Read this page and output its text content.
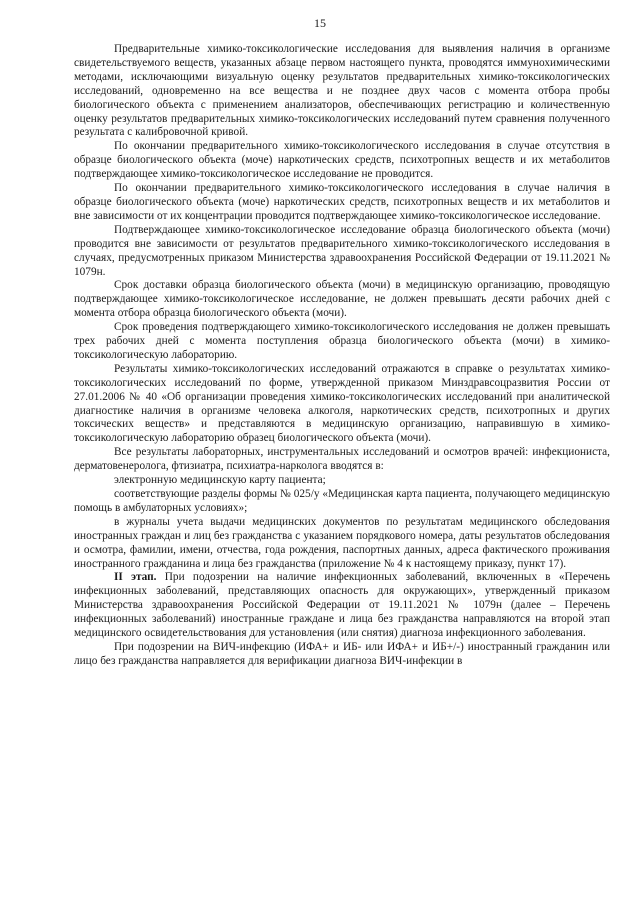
15

Предварительные химико-токсикологические исследования для выявления наличия в организме свидетельствуемого веществ, указанных абзаце первом настоящего пункта, проводятся иммунохимическими методами, исключающими визуальную оценку результатов предварительных химико-токсикологических исследований, одновременно на все вещества и не позднее двух часов с момента отбора пробы биологического объекта с применением анализаторов, обеспечивающих регистрацию и количественную оценку результатов предварительных химико-токсикологических исследований путем сравнения полученного результата с калибровочной кривой.

По окончании предварительного химико-токсикологического исследования в случае отсутствия в образце биологического объекта (моче) наркотических средств, психотропных веществ и их метаболитов подтверждающее химико-токсикологическое исследование не проводится.

По окончании предварительного химико-токсикологического исследования в случае наличия в образце биологического объекта (моче) наркотических средств, психотропных веществ и их метаболитов и вне зависимости от их концентрации проводится подтверждающее химико-токсикологическое исследование.

Подтверждающее химико-токсикологическое исследование образца биологического объекта (мочи) проводится вне зависимости от результатов предварительного химико-токсикологического исследования в случаях, предусмотренных приказом Министерства здравоохранения Российской Федерации от 19.11.2021 № 1079н.

Срок доставки образца биологического объекта (мочи) в медицинскую организацию, проводящую подтверждающее химико-токсикологическое исследование, не должен превышать десяти рабочих дней с момента отбора образца биологического объекта (мочи).

Срок проведения подтверждающего химико-токсикологического исследования не должен превышать трех рабочих дней с момента поступления образца биологического объекта (мочи) в химико-токсикологическую лабораторию.

Результаты химико-токсикологических исследований отражаются в справке о результатах химико-токсикологических исследований по форме, утвержденной приказом Минздравсоцразвития России от 27.01.2006 № 40 «Об организации проведения химико-токсикологических исследований при аналитической диагностике наличия в организме человека алкоголя, наркотических средств, психотропных и других токсических веществ» и представляются в медицинскую организацию, направившую в химико-токсикологическую лабораторию образец биологического объекта (мочи).

Все результаты лабораторных, инструментальных исследований и осмотров врачей: инфекциониста, дерматовенеролога, фтизиатра, психиатра-нарколога вводятся в:

электронную медицинскую карту пациента;

соответствующие разделы формы № 025/у «Медицинская карта пациента, получающего медицинскую помощь в амбулаторных условиях»;

в журналы учета выдачи медицинских документов по результатам медицинского обследования иностранных граждан и лиц без гражданства с указанием порядкового номера, даты результатов обследования и осмотра, фамилии, имени, отчества, года рождения, паспортных данных, адреса фактического проживания иностранного гражданина и лица без гражданства (приложение № 4 к настоящему приказу, пункт 17).

II этап. При подозрении на наличие инфекционных заболеваний, включенных в «Перечень инфекционных заболеваний, представляющих опасность для окружающих», утвержденный приказом Министерства здравоохранения Российской Федерации от 19.11.2021 № 1079н (далее – Перечень инфекционных заболеваний) иностранные граждане и лица без гражданства направляются на второй этап медицинского освидетельствования для установления (или снятия) диагноза инфекционного заболевания.

При подозрении на ВИЧ-инфекцию (ИФА+ и ИБ- или ИФА+ и ИБ+/-) иностранный гражданин или лицо без гражданства направляется для верификации диагноза ВИЧ-инфекции в
